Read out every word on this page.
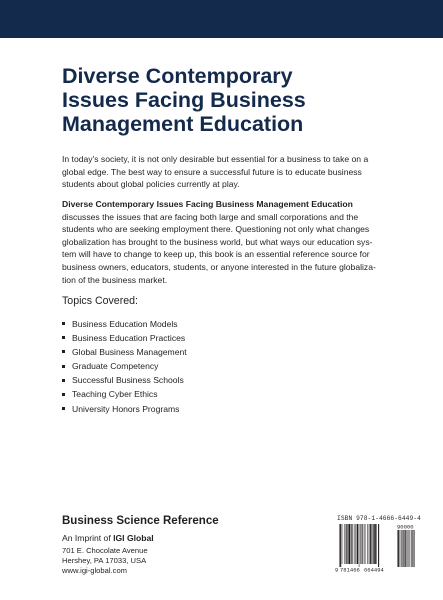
Diverse Contemporary
Issues Facing Business
Management Education

In today's society, it is not only desirable but essential for a business to take on a
global edge. The best way to ensure a successful future is to educate business
students about global policies currently at play.

Diverse Contemporary Issues Facing Business Management Education
discusses the issues that are facing both large and small corporations and the
students who are seeking employment there. Questioning not only what changes
globalization has brought to the business world, but what ways our education sys-
tem will have to change to keep up, this book is an essential reference source for
business owners, educators, students, or anyone interested in the future globaliza-
tion of the business market.

Topics Covered:
Business Education Models
Business Education Practices
Global Business Management
Graduate Competency
Successful Business Schools
Teaching Cyber Ethics
University Honors Programs
Business Science Reference
An Imprint of IGI Global
701 E. Chocolate Avenue
Hershey, PA 17033, USA
www.igi-global.com
ISBN 978-1-4666-6449-4
90000
9 781466 664494
